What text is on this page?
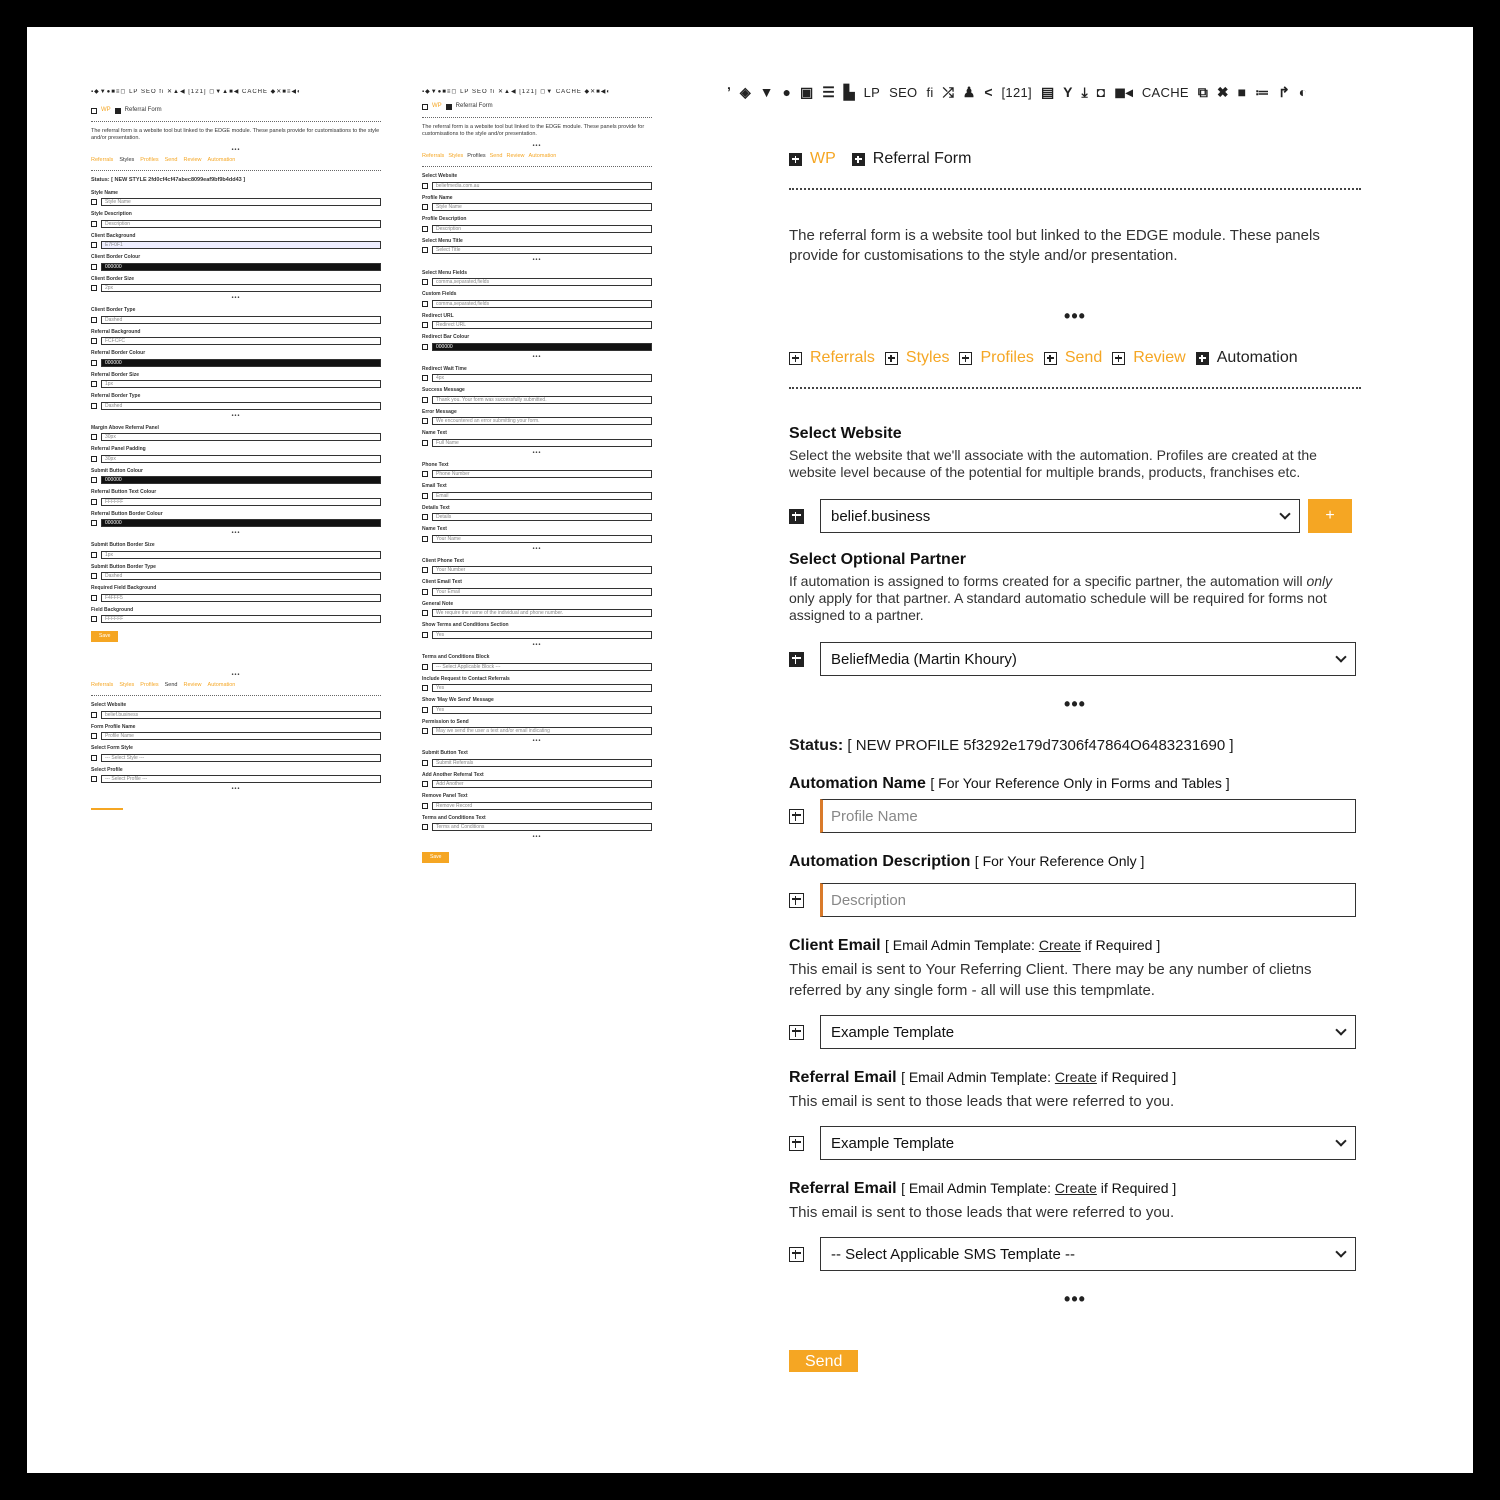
▪◆▼●■≡◻ LP SEO fi ✕▲◀ [121] ◻▼▲■◀ CACHE ◆✕■≡◀◐
WP Referral Form
The referral form is a website tool but linked to the EDGE module. These panels provide for customisations to the style and/or presentation.
•••
Referrals Styles Profiles Send Review Automation
Status: [ NEW STYLE 2fd0cf4cf47abec8099eaf9bf9b4dd43 ]
Style Name
Style Name
Style Description
Description
Client Background
E7F0F1
Client Border Colour
000000
Client Border Size
2px
•••
Client Border Type
Dashed
Referral Background
FCFCFC
Referral Border Colour
000000
Referral Border Size
1px
Referral Border Type
Dashed
•••
Margin Above Referral Panel
30px
Referral Panel Padding
30px
Submit Button Colour
000000
Referral Button Text Colour
FFFFFF
Referral Button Border Colour
000000
•••
Submit Button Border Size
1px
Submit Button Border Type
Dashed
Required Field Background
F4FFF5
Field Background
FFFFFF
Save
•••
Referrals Styles Profiles Send Review Automation
Select Website
belief.business
Form Profile Name
Profile Name
Select Form Style
--- Select Style ---
Select Profile
--- Select Profile ---
•••
▪◆▼●■≡◻ LP SEO fi ✕▲◀ [121] ◻▼ CACHE ◆✕■◀◐
WP Referral Form
The referral form is a website tool but linked to the EDGE module. These panels provide for customisations to the style and/or presentation.
•••
Referrals Styles Profiles Send Review Automation
Select Website
beliefmedia.com.au
Profile Name
Style Name
Profile Description
Description
Select Menu Title
Select Title
•••
Select Menu Fields
comma,separated,fields
Custom Fields
comma,separated,fields
Redirect URL
Redirect URL
Redirect Bar Colour
000000
•••
Redirect Wait Time
4px
Success Message
Thank you. Your form was successfully submitted.
Error Message
We encountered an error submitting your form.
Name Text
Full Name
•••
Phone Text
Phone Number
Email Text
Email
Details Text
Details
Name Text
Your Name
•••
Client Phone Text
Your Number
Client Email Text
Your Email
General Note
We require the name of the individual and phone number.
Show Terms and Conditions Section
Yes
•••
Terms and Conditions Block
--- Select Applicable Block ---
Include Request to Contact Referrals
Yes
Show 'May We Send' Message
Yes
Permission to Send
May we send the user a text and/or email indicating
•••
Submit Button Text
Submit Referrals
Add Another Referral Text
Add Another
Remove Panel Text
Remove Record
Terms and Conditions Text
Terms and Conditions
•••
Save
ʼ ◈ ▼ ● ▣ ☰ ▙ LP SEO fi ⤮ ♟ < [121] ▤ Y ⤓ ◘ ◼◂ CACHE ⧉ ✖ ■ ≔ ↱ ◐
WP Referral Form
The referral form is a website tool but linked to the EDGE module. These panels provide for customisations to the style and/or presentation.
•••
Referrals Styles Profiles Send Review Automation
Select Website
Select the website that we'll associate with the automation. Profiles are created at the website level because of the potential for multiple brands, products, franchises etc.
belief.business	+
Select Optional Partner
If automation is assigned to forms created for a specific partner, the automation will only only apply for that partner. A standard automatio schedule will be required for forms not assigned to a partner.
BeliefMedia (Martin Khoury)
•••
Status: [ NEW PROFILE 5f3292e179d7306f47864O6483231690 ]
Automation Name [ For Your Reference Only in Forms and Tables ]
Profile Name
Automation Description [ For Your Reference Only ]
Description
Client Email [ Email Admin Template: Create if Required ]
This email is sent to Your Referring Client. There may be any number of clietns referred by any single form - all will use this tempmlate.
Example Template
Referral Email [ Email Admin Template: Create if Required ]
This email is sent to those leads that were referred to you.
Example Template
Referral Email [ Email Admin Template: Create if Required ]
This email is sent to those leads that were referred to you.
-- Select Applicable SMS Template --
•••
Send
